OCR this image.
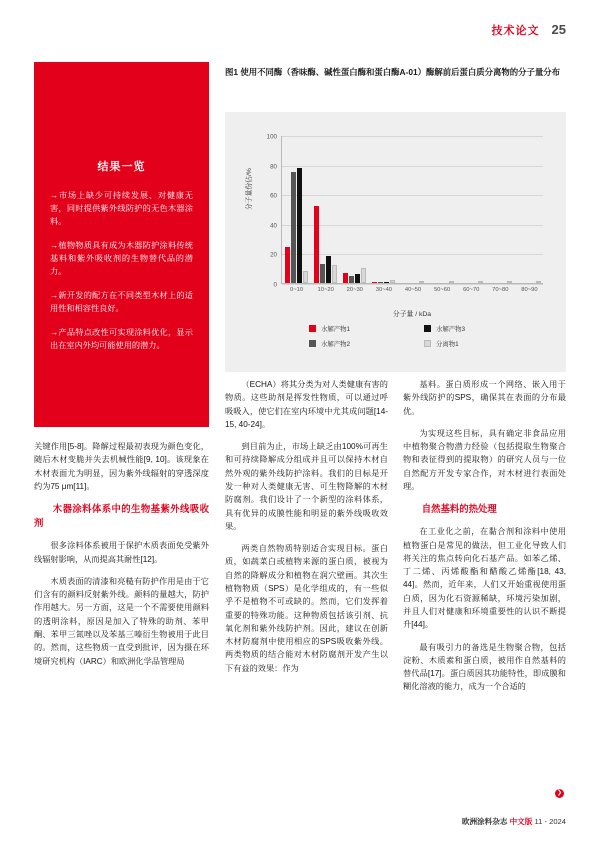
技术论文 25
结果一览

→市场上缺少可持续发展、对健康无害，同时提供紫外线防护的无色木器涂料。

→植物物质具有成为木器防护涂料传统基料和紫外吸收剂的生物替代品的潜力。

→新开发的配方在不同类型木材上的适用性和相容性良好。

→产品特点改性可实现涂料优化，显示出在室内外均可能使用的潜力。

图1 使用不同酶（香味酶、碱性蛋白酶和蛋白酶A-01）酶解前后蛋白质分离物的分子量分布
分子量份佔/%
0
20
40
60
80
100
0~10	10~20	20~30	30~40	40~50	50~60	60~70	70~80	80~90
分子量 / kDa
水解产物1	水解产物3
水解产物2	分离物1

关键作用[5-8]。降解过程最初表现为颜色变化，随后木材变脆并失去机械性能[9, 10]。该现象在木材表面尤为明显，因为紫外线辐射的穿透深度约为75 μm[11]。

木器涂料体系中的生物基紫外线吸收剂

很多涂料体系被用于保护木质表面免受紫外线辐射影响，从而提高其耐性[12]。

木质表面的清漆和亮糙有防护作用是由于它们含有的颜料反射紫外线。颜料的量越大，防护作用越大。另一方面，这是一个不需要使用颜料的透明涂料，原因是加入了特殊的助剂、苯甲酮、苯甲三氮唑以及苯基三嗪衍生物被用于此目的。然而，这些物质一直受到批评，因为摄在环境研究机构（IARC）和欧洲化学品管理局

（ECHA）将其分类为对人类健康有害的物质。这些助剂是挥发性物质，可以通过呼吸吸入，使它们在室内环境中尤其成问题[14-15, 40-24]。

到目前为止，市场上缺乏由100%可再生和可持续降解成分组成并且可以保持木材自然外观的紫外线防护涂料。我们的目标是开发一种对人类健康无害、可生物降解的木材防腐剂。我们设计了一个新型的涂料体系，具有优异的成膜性能和明显的紫外线吸收效果。

两类自然物质特别适合实现目标。蛋白质，如蔬菜白或植物来源的蛋白质，被视为自然的降解成分和植物在润穴壁画。其次生植物物质（SPS）是化学组成的，有一些似乎不是植物不可或缺的。然而，它们发挥着重要的特殊功能。这种物质包括该引剂、抗氧化剂和紫外线防护剂。因此，建议在创新木材防腐剂中使用相应的SPS吸收紫外线。两类物质的结合能对木材防腐剂开发产生以下有益的效果：作为

基料。蛋白质形成一个网络、嵌入用于紫外线防护的SPS，确保其在表面的分布最优。

为实现这些目标，具有确定非食品应用中植物聚合物潜力经验（包括提取生物聚合物和表征得到的提取物）的研究人员与一位自然配方开发专家合作，对木材进行表面处理。

自然基料的热处理

在工业化之前，在黏合剂和涂料中使用植物蛋白是常见的做法，但工业化导致人们将关注的焦点转向化石基产品。如苯乙烯、丁二烯、丙烯酸酯和醋酸乙烯酯[18, 43, 44]。然而，近年来，人们又开始重视使用蛋白质，因为化石资源稀缺，环境污染加剧，并且人们对健康和环境重要性的认识不断提升[44]。

最有吸引力的备选是生物聚合物，包括淀粉、木质素和蛋白质，被用作自然基料的替代品[17]。蛋白质因其功能特性，即成膜和糊化溶液的能力，成为一个合适的

欧洲涂料杂志 中文版 11 - 2024
❯
